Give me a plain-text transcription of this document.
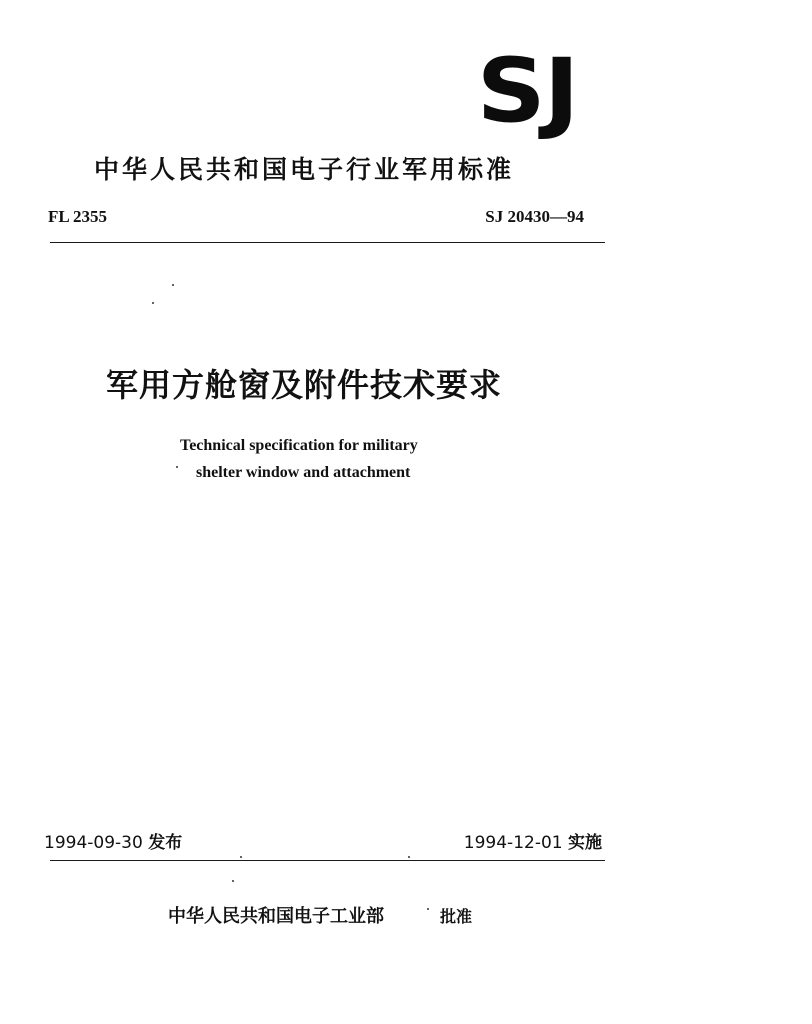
SJ
中华人民共和国电子行业军用标准
FL 2355	SJ 20430—94
军用方舱窗及附件技术要求
Technical specification for military
shelter window and attachment
1994-09-30 发布	1994-12-01 实施
中华人民共和国电子工业部	批准
